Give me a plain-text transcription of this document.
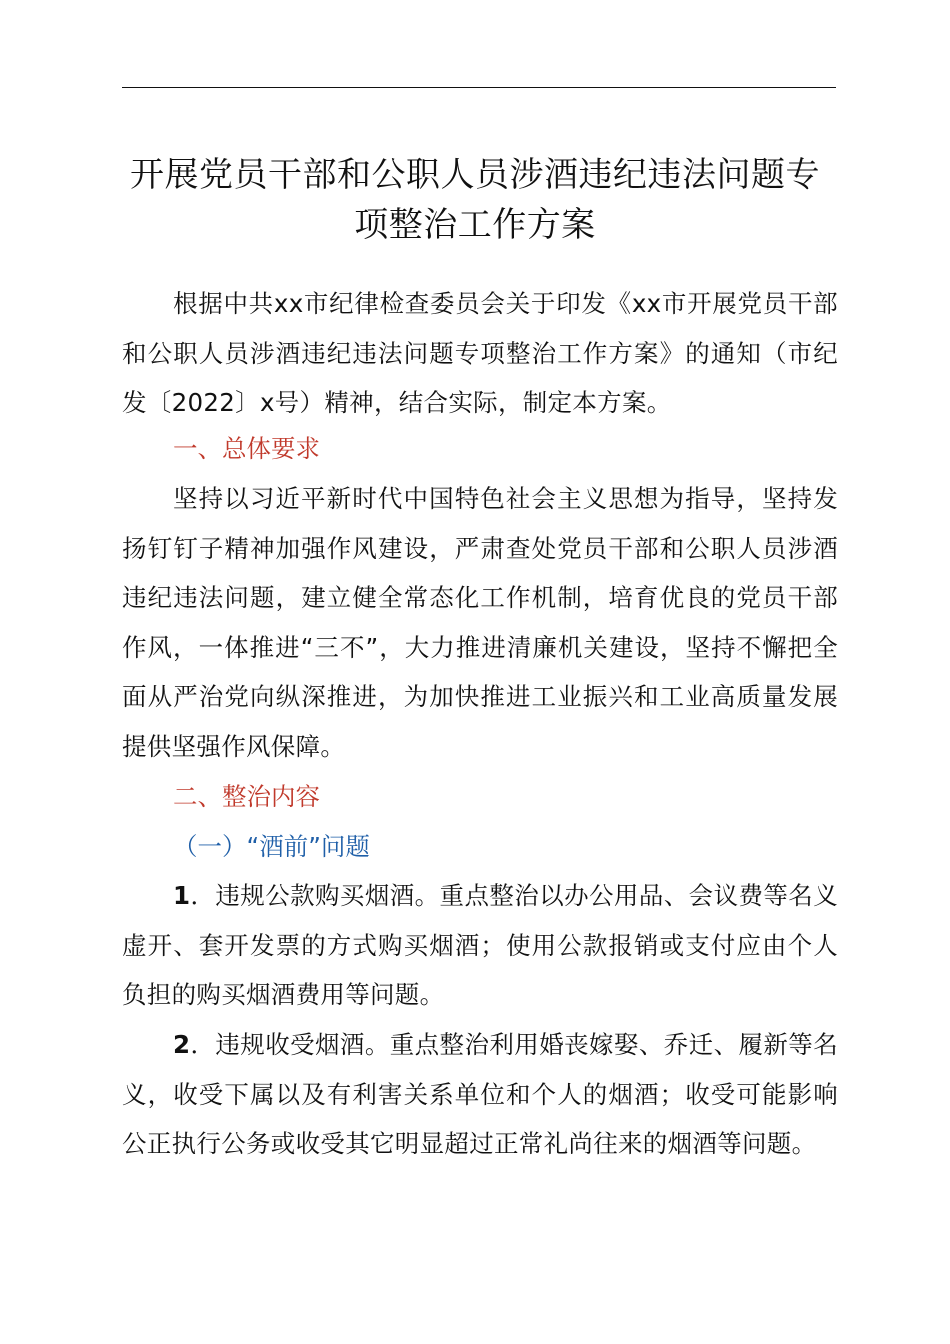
开展党员干部和公职人员涉酒违纪违法问题专
项整治工作方案

根据中共xx市纪律检查委员会关于印发《xx市开展党员干部和公职人员涉酒违纪违法问题专项整治工作方案》的通知（市纪发〔2022〕x号）精神，结合实际，制定本方案。

一、总体要求

坚持以习近平新时代中国特色社会主义思想为指导，坚持发扬钉钉子精神加强作风建设，严肃查处党员干部和公职人员涉酒违纪违法问题，建立健全常态化工作机制，培育优良的党员干部作风，一体推进“三不”，大力推进清廉机关建设，坚持不懈把全面从严治党向纵深推进，为加快推进工业振兴和工业高质量发展提供坚强作风保障。

二、整治内容
（一）“酒前”问题

1．违规公款购买烟酒。重点整治以办公用品、会议费等名义虚开、套开发票的方式购买烟酒；使用公款报销或支付应由个人负担的购买烟酒费用等问题。

2．违规收受烟酒。重点整治利用婚丧嫁娶、乔迁、履新等名义，收受下属以及有利害关系单位和个人的烟酒；收受可能影响公正执行公务或收受其它明显超过正常礼尚往来的烟酒等问题。
